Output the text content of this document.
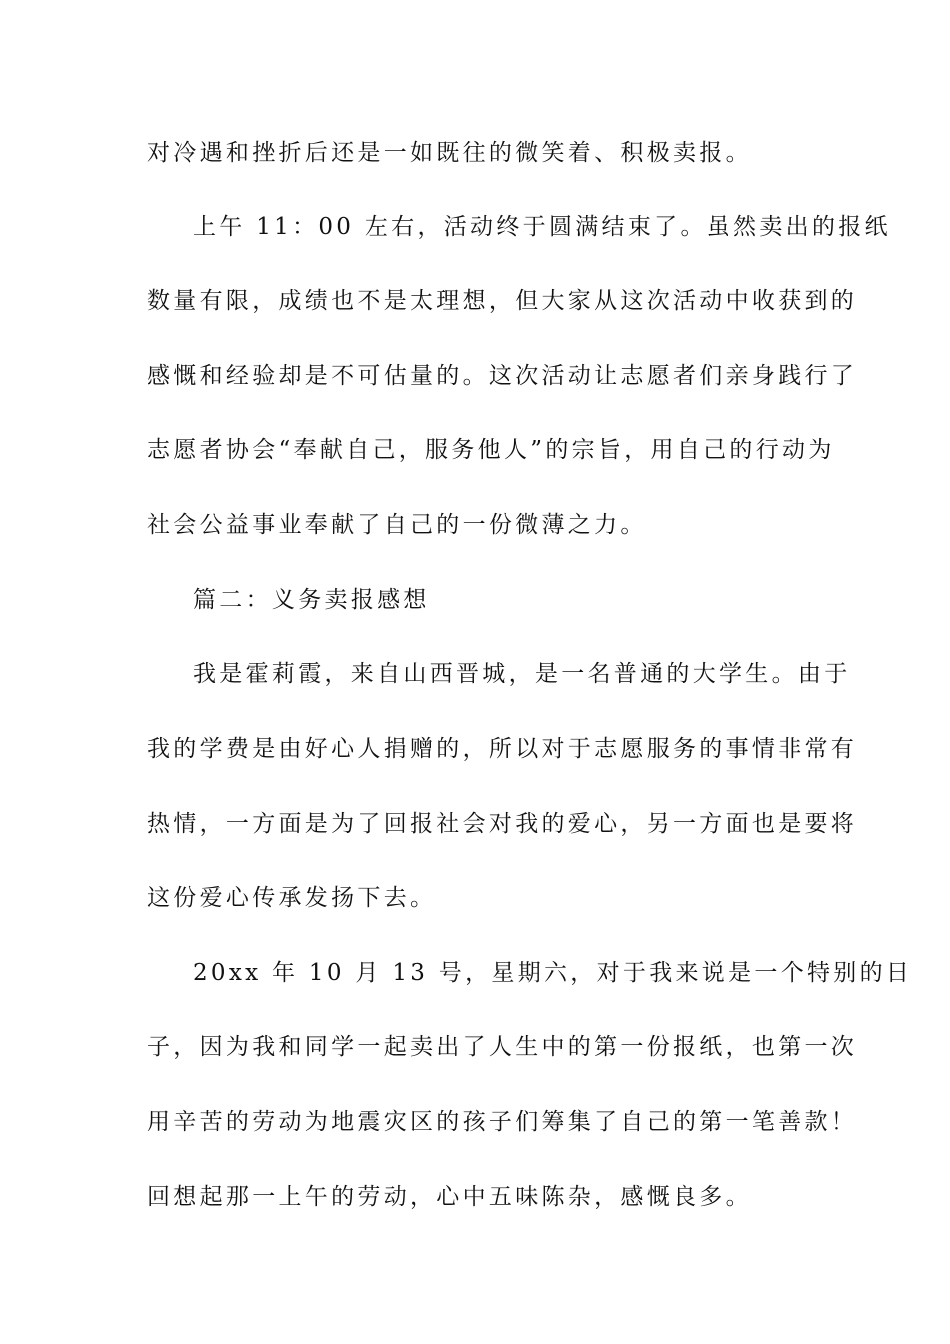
对冷遇和挫折后还是一如既往的微笑着、积极卖报。
上午 11：00 左右，活动终于圆满结束了。虽然卖出的报纸
数量有限，成绩也不是太理想，但大家从这次活动中收获到的
感慨和经验却是不可估量的。这次活动让志愿者们亲身践行了
志愿者协会“奉献自己，服务他人”的宗旨，用自己的行动为
社会公益事业奉献了自己的一份微薄之力。
篇二：义务卖报感想
我是霍莉霞，来自山西晋城，是一名普通的大学生。由于
我的学费是由好心人捐赠的，所以对于志愿服务的事情非常有
热情，一方面是为了回报社会对我的爱心，另一方面也是要将
这份爱心传承发扬下去。
20xx 年 10 月 13 号，星期六，对于我来说是一个特别的日
子，因为我和同学一起卖出了人生中的第一份报纸，也第一次
用辛苦的劳动为地震灾区的孩子们筹集了自己的第一笔善款！
回想起那一上午的劳动，心中五味陈杂，感慨良多。
